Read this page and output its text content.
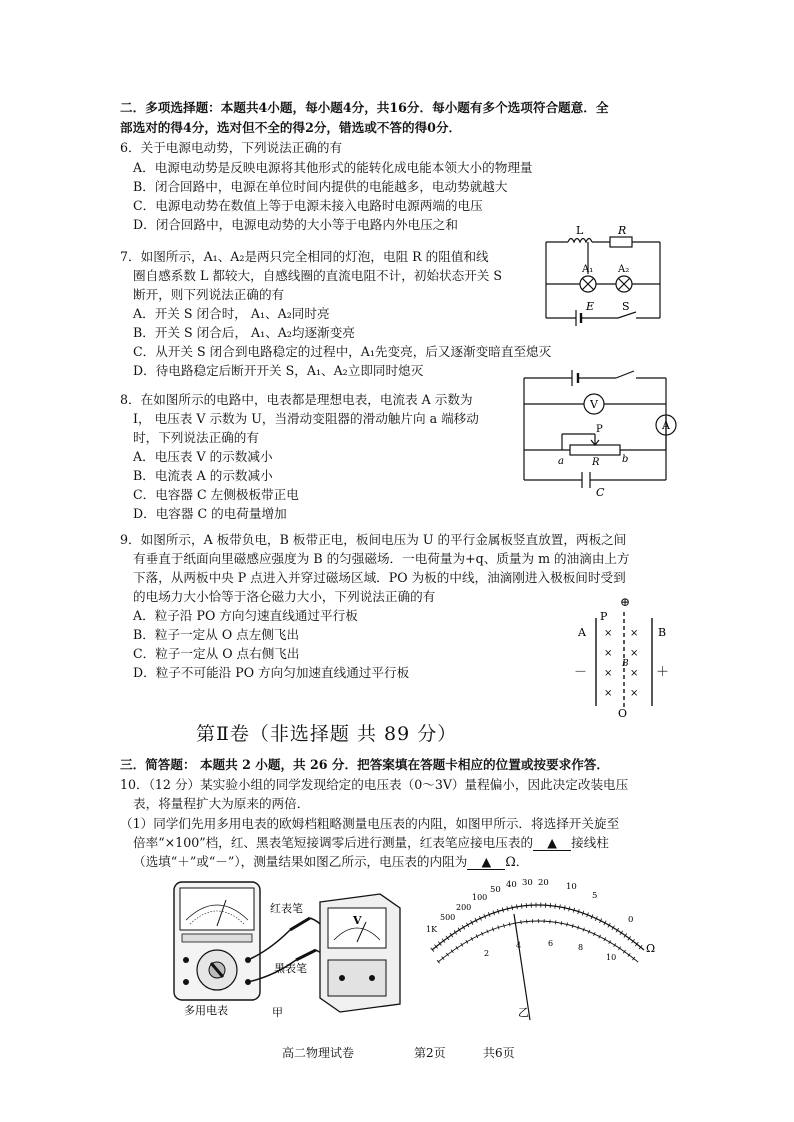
二．多项选择题：本题共4小题，每小题4分，共16分．每小题有多个选项符合题意．全
部选对的得4分，选对但不全的得2分，错选或不答的得0分．
6．关于电源电动势，下列说法正确的有
A．电源电动势是反映电源将其他形式的能转化成电能本领大小的物理量
B．闭合回路中，电源在单位时间内提供的电能越多，电动势就越大
C．电源电动势在数值上等于电源未接入电路时电源两端的电压
D．闭合回路中，电源电动势的大小等于电路内外电压之和
7．如图所示，A₁、A₂是两只完全相同的灯泡，电阻 R 的阻值和线
圈自感系数 L 都较大，自感线圈的直流电阻不计，初始状态开关 S
断开，则下列说法正确的有
A．开关 S 闭合时， A₁、A₂同时亮
B．开关 S 闭合后， A₁、A₂均逐渐变亮
C．从开关 S 闭合到电路稳定的过程中，A₁先变亮，后又逐渐变暗直至熄灭
D．待电路稳定后断开开关 S，A₁、A₂立即同时熄灭
L	R
A₁ A₂
E	S
8．在如图所示的电路中，电表都是理想电表，电流表 A 示数为
I， 电压表 V 示数为 U，当滑动变阻器的滑动触片向 a 端移动
时，下列说法正确的有
A．电压表 V 的示数减小
B．电流表 A 的示数减小
C．电容器 C 左侧极板带正电
D．电容器 C 的电荷量增加
V
A
P
a	R b
C
9．如图所示，A 板带负电，B 板带正电，板间电压为 U 的平行金属板竖直放置，两板之间
有垂直于纸面向里磁感应强度为 B 的匀强磁场．一电荷量为+q、质量为 m 的油滴由上方
下落，从两板中央 P 点进入并穿过磁场区域．PO 为板的中线，油滴刚进入极板间时受到
的电场力大小恰等于洛仑磁力大小，下列说法正确的有
A．粒子沿 PO 方向匀速直线通过平行板
B．粒子一定从 O 点左侧飞出
C．粒子一定从 O 点右侧飞出
D．粒子不可能沿 PO 方向匀加速直线通过平行板
⊕
P
O
A	B
－	＋
B
× ×
× ×
× ×
× ×
第Ⅱ卷（非选择题 共 89 分）
三．简答题： 本题共 2 小题，共 26 分．把答案填在答题卡相应的位置或按要求作答．
10．（12 分）某实验小组的同学发现给定的电压表（0～3V）量程偏小，因此决定改装电压
表，将量程扩大为原来的两倍．
（1）同学们先用多用电表的欧姆档粗略测量电压表的内阻，如图甲所示．将选择开关旋至
倍率“×100”档，红、黑表笔短接调零后进行测量，红表笔应接电压表的 ▲ 接线柱
（选填“＋”或“－”），测量结果如图乙所示，电压表的内阻为 ▲ Ω．
红表笔
黑表笔
V
多用电表	甲
50 40 30 20 10
5
0
100
200
500
1K
2
4	6	8
10
Ω
乙
高二物理试卷	第2页	共6页
